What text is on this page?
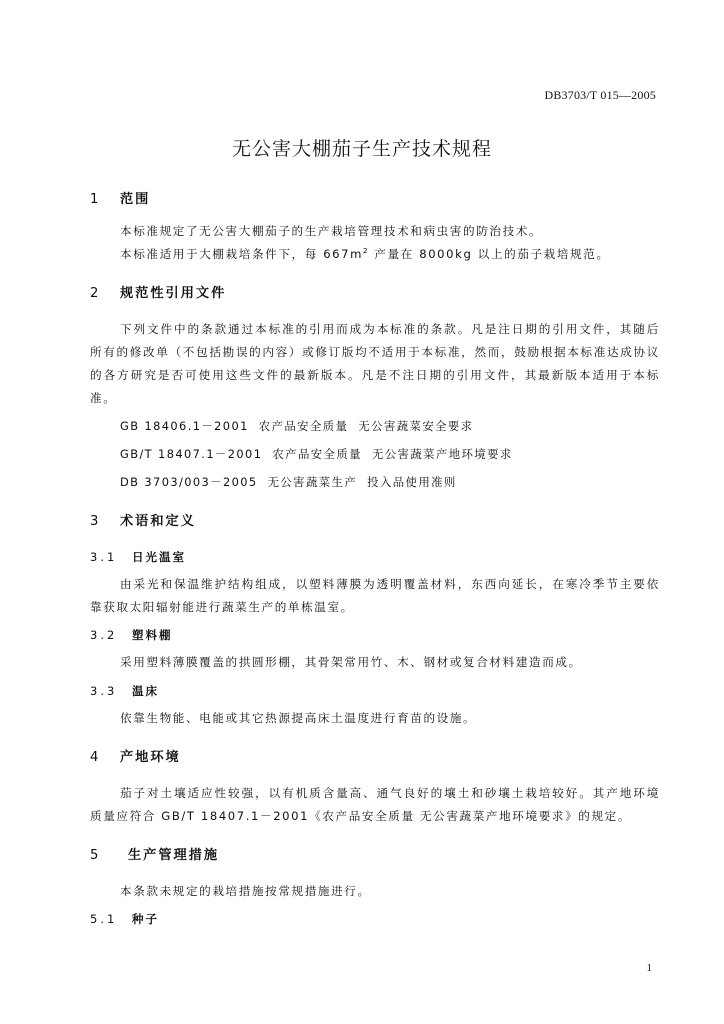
DB3703/T 015—2005
无公害大棚茄子生产技术规程
1 范围

本标准规定了无公害大棚茄子的生产栽培管理技术和病虫害的防治技术。

本标准适用于大棚栽培条件下，每 $667m^2$ 产量在 8000kg 以上的茄子栽培规范。

2 规范性引用文件

下列文件中的条款通过本标准的引用而成为本标准的条款。凡是注日期的引用文件，其随后所有的修改单（不包括勘误的内容）或修订版均不适用于本标准，然而，鼓励根据本标准达成协议的各方研究是否可使用这些文件的最新版本。凡是不注日期的引用文件，其最新版本适用于本标准。

GB 18406.1－2001  农产品安全质量  无公害蔬菜安全要求

GB/T 18407.1－2001  农产品安全质量  无公害蔬菜产地环境要求

DB 3703/003－2005  无公害蔬菜生产  投入品使用准则

3 术语和定义
3.1 日光温室

由采光和保温维护结构组成，以塑料薄膜为透明覆盖材料，东西向延长，在寒冷季节主要依靠获取太阳辐射能进行蔬菜生产的单栋温室。

3.2 塑料棚

采用塑料薄膜覆盖的拱圆形棚，其骨架常用竹、木、钢材或复合材料建造而成。

3.3 温床

依靠生物能、电能或其它热源提高床土温度进行育苗的设施。

4 产地环境

茄子对土壤适应性较强，以有机质含量高、通气良好的壤土和砂壤土栽培较好。其产地环境质量应符合 GB/T 18407.1－2001《农产品安全质量 无公害蔬菜产地环境要求》的规定。

5 生产管理措施

本条款未规定的栽培措施按常规措施进行。

5.1 种子
1
